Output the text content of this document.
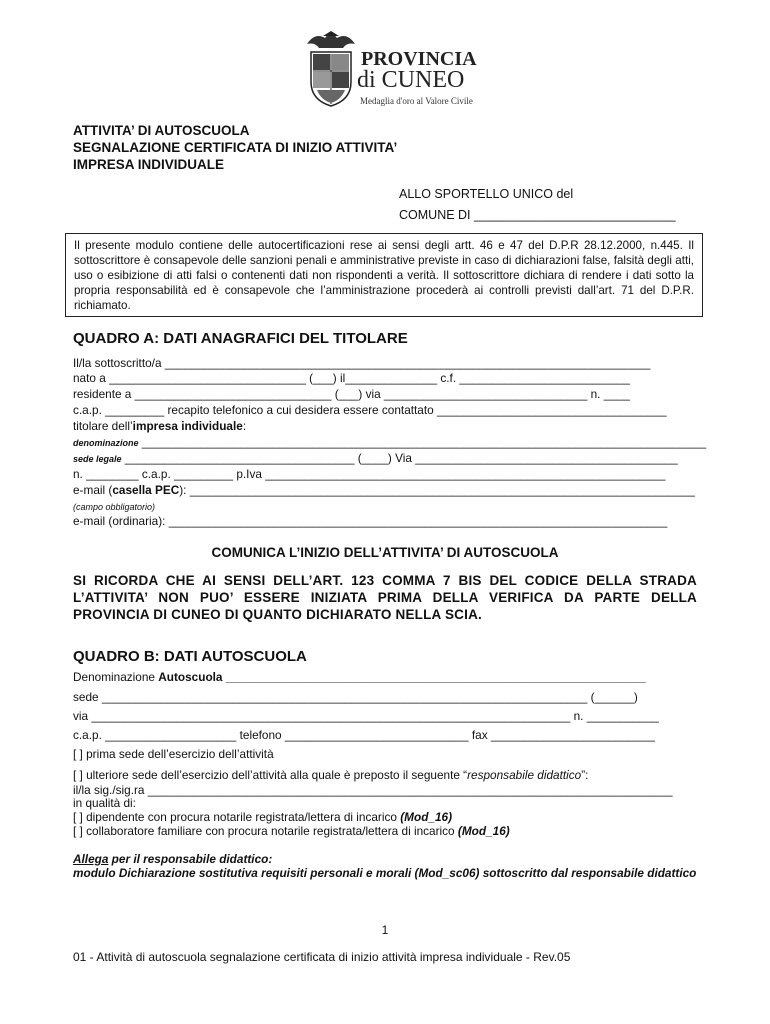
PROVINCIA
di CUNEO
Medaglia d'oro al Valore Civile
ATTIVITA’ DI AUTOSCUOLA
SEGNALAZIONE CERTIFICATA DI INIZIO ATTIVITA’
IMPRESA INDIVIDUALE
ALLO SPORTELLO UNICO del
COMUNE DI _____________________________
Il presente modulo contiene delle autocertificazioni rese ai sensi degli artt. 46 e 47 del D.P.R 28.12.2000, n.445. Il sottoscrittore è consapevole delle sanzioni penali e amministrative previste in caso di dichiarazioni false, falsità degli atti, uso o esibizione di atti falsi o contenenti dati non rispondenti a verità. Il sottoscrittore dichiara di rendere i dati sotto la propria responsabilità ed è consapevole che l’amministrazione procederà ai controlli previsti dall’art. 71 del D.P.R. richiamato.
QUADRO A: DATI ANAGRAFICI DEL TITOLARE
Il/la sottoscritto/a __________________________________________________________________________
nato a ______________________________ (___) il______________ c.f. __________________________
residente a ______________________________ (___) via _______________________________ n. ____
c.a.p. _________ recapito telefonico a cui desidera essere contattato ___________________________________
titolare dell’impresa individuale:
denominazione ______________________________________________________________________________________
sede legale ___________________________________ (____) Via ________________________________________
n. ________ c.a.p. _________ p.Iva _____________________________________________________________
e-mail (casella PEC): _____________________________________________________________________________
(campo obbligatorio)
e-mail (ordinaria): ____________________________________________________________________________
COMUNICA L’INIZIO DELL’ATTIVITA’ DI AUTOSCUOLA
SI RICORDA CHE AI SENSI DELL’ART. 123 COMMA 7 BIS DEL CODICE DELLA STRADA L’ATTIVITA’ NON PUO’ ESSERE INIZIATA PRIMA DELLA VERIFICA DA PARTE DELLA PROVINCIA DI CUNEO DI QUANTO DICHIARATO NELLA SCIA.
QUADRO B: DATI AUTOSCUOLA
Denominazione Autoscuola ________________________________________________________________
sede __________________________________________________________________________ (______)
via _________________________________________________________________________ n. ___________
c.a.p. ____________________ telefono ____________________________ fax _________________________
[ ] prima sede dell’esercizio dell’attività
[ ] ulteriore sede dell’esercizio dell’attività alla quale è preposto il seguente “responsabile didattico”:
il/la sig./sig.ra ________________________________________________________________________________
in qualità di:
[ ] dipendente con procura notarile registrata/lettera di incarico (Mod_16)
[ ] collaboratore familiare con procura notarile registrata/lettera di incarico (Mod_16)
Allega per il responsabile didattico:
modulo Dichiarazione sostitutiva requisiti personali e morali (Mod_sc06) sottoscritto dal responsabile didattico
1
01 - Attività di autoscuola segnalazione certificata di inizio attività impresa individuale - Rev.05
